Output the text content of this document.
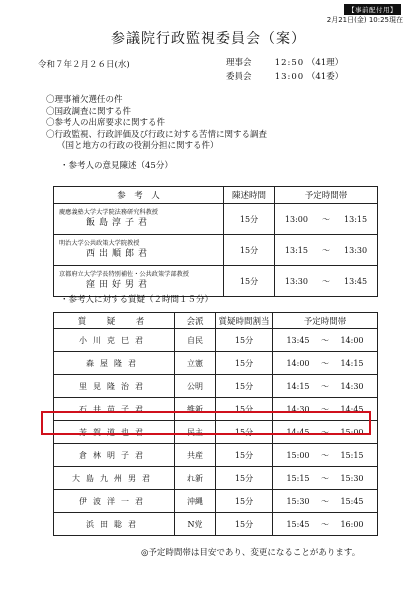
【事前配付用】
2月21日(金) 10:25現在
参議院行政監視委員会（案）
令和７年２月２６日(水)	理事会	12:50 （41理）
委員会	13:00 （41委）
〇理事補欠選任の件
〇国政調査に関する件
〇参考人の出席要求に関する件
〇行政監視、行政評価及び行政に対する苦情に関する調査
（国と地方の行政の役割分担に関する件）
・参考人の意見陳述（45分）
参　考　人	陳述時間	予定時間帯

慶應義塾大学大学院法務研究科教授
飯島淳子君	15分	13:00 〜 13:15

明治大学公共政策大学院教授
西出順郎君	15分	13:15 〜 13:30

京都府立大学学長特別補佐・公共政策学部教授
窪田好男君	15分	13:30 〜 13:45
・参考人に対する質疑（２時間１５分）
質　疑　者	会派	質疑時間割当	予定時間帯
小川克巳君	自民	15分	13:45 〜 14:00
森屋隆君	立憲	15分	14:00 〜 14:15
里見隆治君	公明	15分	14:15 〜 14:30
石井苗子君	維新	15分	14:30 〜 14:45
芳賀道也君	民主	15分	14:45 〜 15:00
倉林明子君	共産	15分	15:00 〜 15:15
大島九州男君	れ新	15分	15:15 〜 15:30
伊波洋一君	沖縄	15分	15:30 〜 15:45
浜田聡君	N党	15分	15:45 〜 16:00
◎予定時間帯は目安であり、変更になることがあります。
